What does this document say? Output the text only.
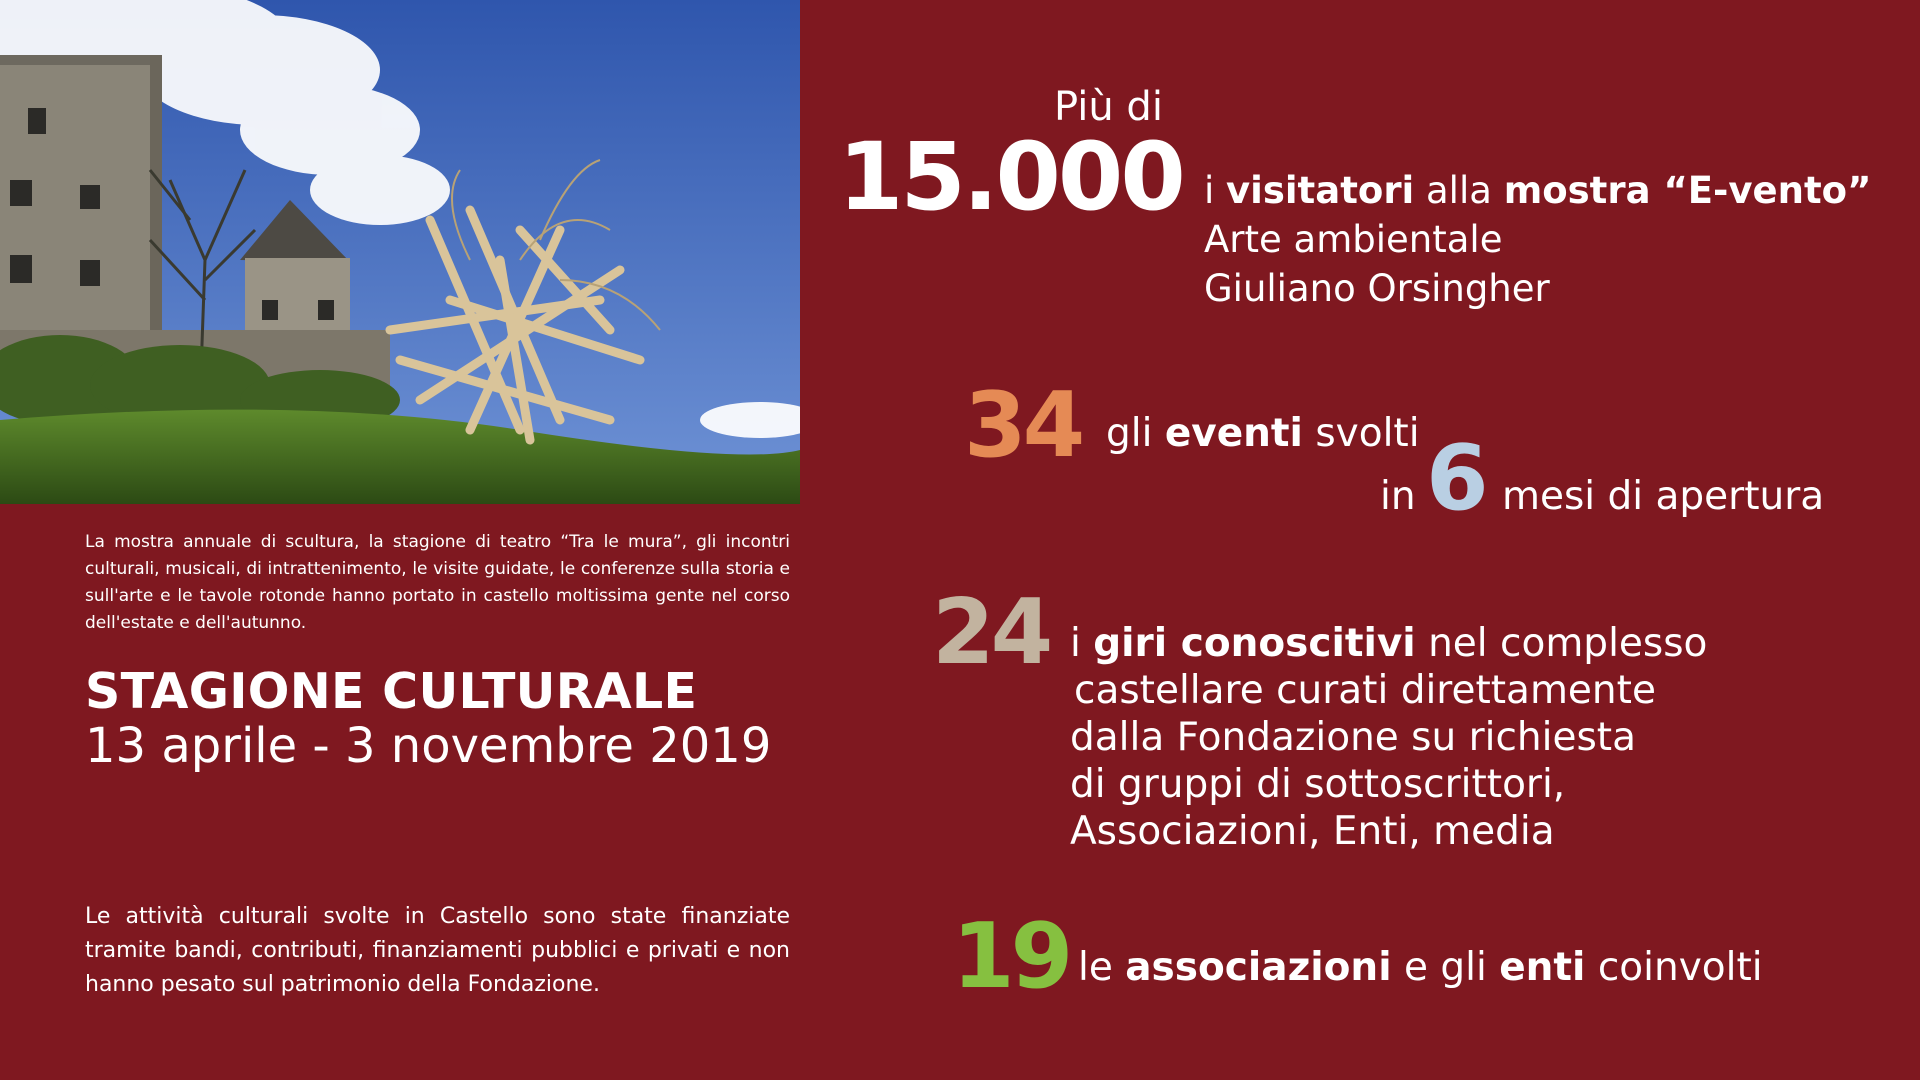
La mostra annuale di scultura, la stagione di teatro “Tra le mura”, gli incontri culturali, musicali, di intrattenimento, le visite guidate, le conferenze sulla storia e sull'arte e le tavole rotonde hanno portato in castello moltissima gente nel corso dell'estate e dell'autunno.
STAGIONE CULTURALE
13 aprile - 3 novembre 2019
Le attività culturali svolte in Castello sono state finanziate tramite bandi, contributi, finanziamenti pubblici e privati e non hanno pesato sul patrimonio della Fondazione.
Più di
15.000 i visitatori alla mostra “E-vento”
Arte ambientale
Giuliano Orsingher
34 gli eventi svolti
in 6 mesi di apertura
24 i giri conoscitivi nel complesso
castellare curati direttamente
dalla Fondazione su richiesta
di gruppi di sottoscrittori,
Associazioni, Enti, media
19 le associazioni e gli enti coinvolti
